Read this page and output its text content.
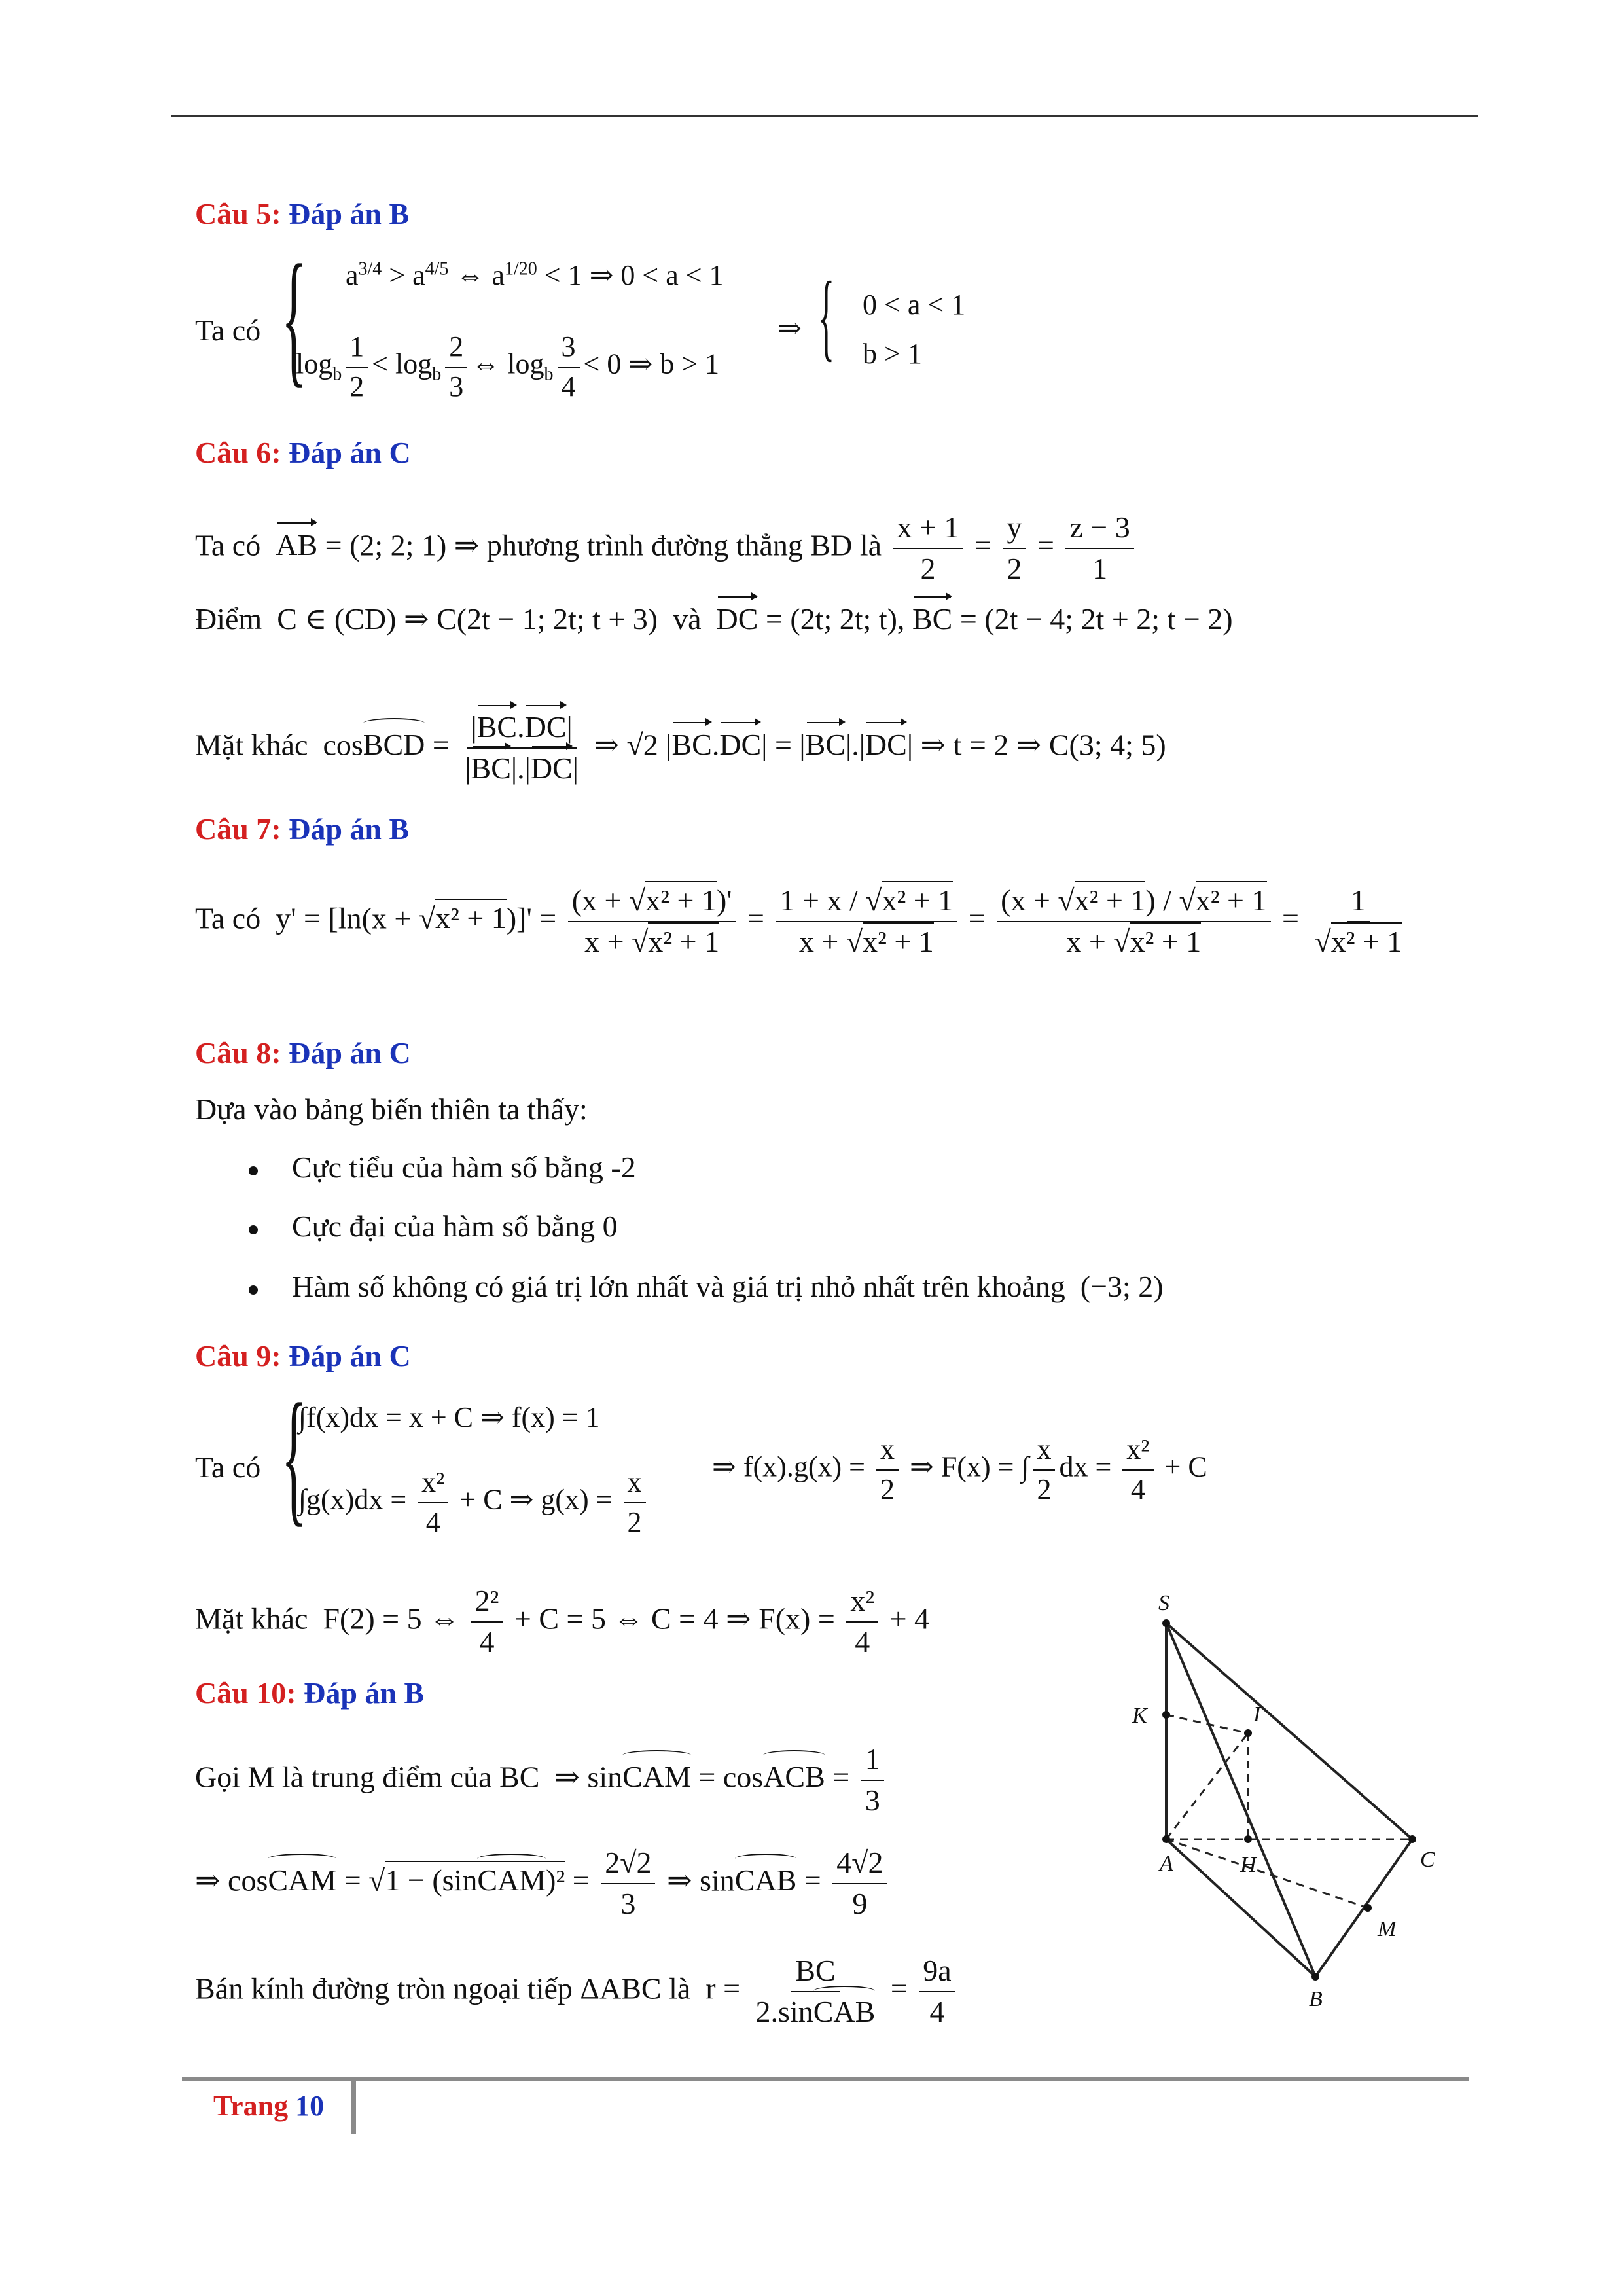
Câu 5: Đáp án B
Ta có { $a^{3/4} > a^{4/5}$ ⇔ $a^{1/20} < 1$ ⇒ 0 < a < 1
$\log_b \frac{1}{2} < \log_b \frac{2}{3}$ ⇔ $\log_b \frac{3}{4} < 0$ ⇒ b > 1
⇒ { 0 < a < 1
b > 1
Câu 6: Đáp án C
Ta có AB = (2; 2; 1) ⇒ phương trình đường thẳng BD là $\frac{x + 1}{2} = \frac{y}{2} = \frac{z - 3}{1}$
Điểm  C ∈ (CD) ⇒ C(2t − 1; 2t; t + 3)  và DC = (2t; 2t; t), BC = (2t − 4; 2t + 2; t − 2)
Mặt khác  cosBCD = $\frac{|BC.DC|}{|BC|.|DC|}$ ⇒ √2 |BC.DC| = |BC|.|DC| ⇒ t = 2 ⇒ C(3; 4; 5)
Câu 7: Đáp án B
Ta có  $y' = [\ln(x + √x^2 + 1)]' = \frac{\text{(x + √x² + 1)'}}{\text{x + √x² + 1}} = \frac{\text{1 + x / √x² + 1}}{\text{x + √x² + 1}} = \frac{\text{(x + √x² + 1) / √x² + 1}}{\text{x + √x² + 1}} = \frac{1}{\text{√x² + 1}}$
Câu 8: Đáp án C
Dựa vào bảng biến thiên ta thấy:
Cực tiểu của hàm số bằng -2
Cực đại của hàm số bằng 0
Hàm số không có giá trị lớn nhất và giá trị nhỏ nhất trên khoảng (−3; 2)
Câu 9: Đáp án C
Ta có {
∫f(x)dx = x + C ⇒ f(x) = 1
$\int g(x)dx = \frac{\text{x²}}{4} + C$ ⇒ $g(x) = \frac{x}{2}$ ⇒ $f(x).g(x) = \frac{x}{2}$ ⇒ F(x) = ∫ $\frac{x}{2}$ dx = $\frac{\text{x²}}{4} + C$
Mặt khác  F(2) = 5 ⇔ $\frac{\text{2²}}{4} + C = 5$ ⇔ C = 4 ⇒ $F(x) = \frac{\text{x²}}{4} + 4$
Câu 10: Đáp án B
Gọi M là trung điểm của BC  ⇒ sinCAM = cosACB = $\frac{1}{3}$
⇒ cosCAM = √1 − (sinCAM)² = $\frac{2√2}{3}$ ⇒ sinCAB = $\frac{4√2}{9}$
Bán kính đường tròn ngoại tiếp ΔABC là  $r = \frac{BC}{\text{2.sinCAB}} = \frac{9a}{4}$
S
K	I
A	H	C
M
B
Trang 10
